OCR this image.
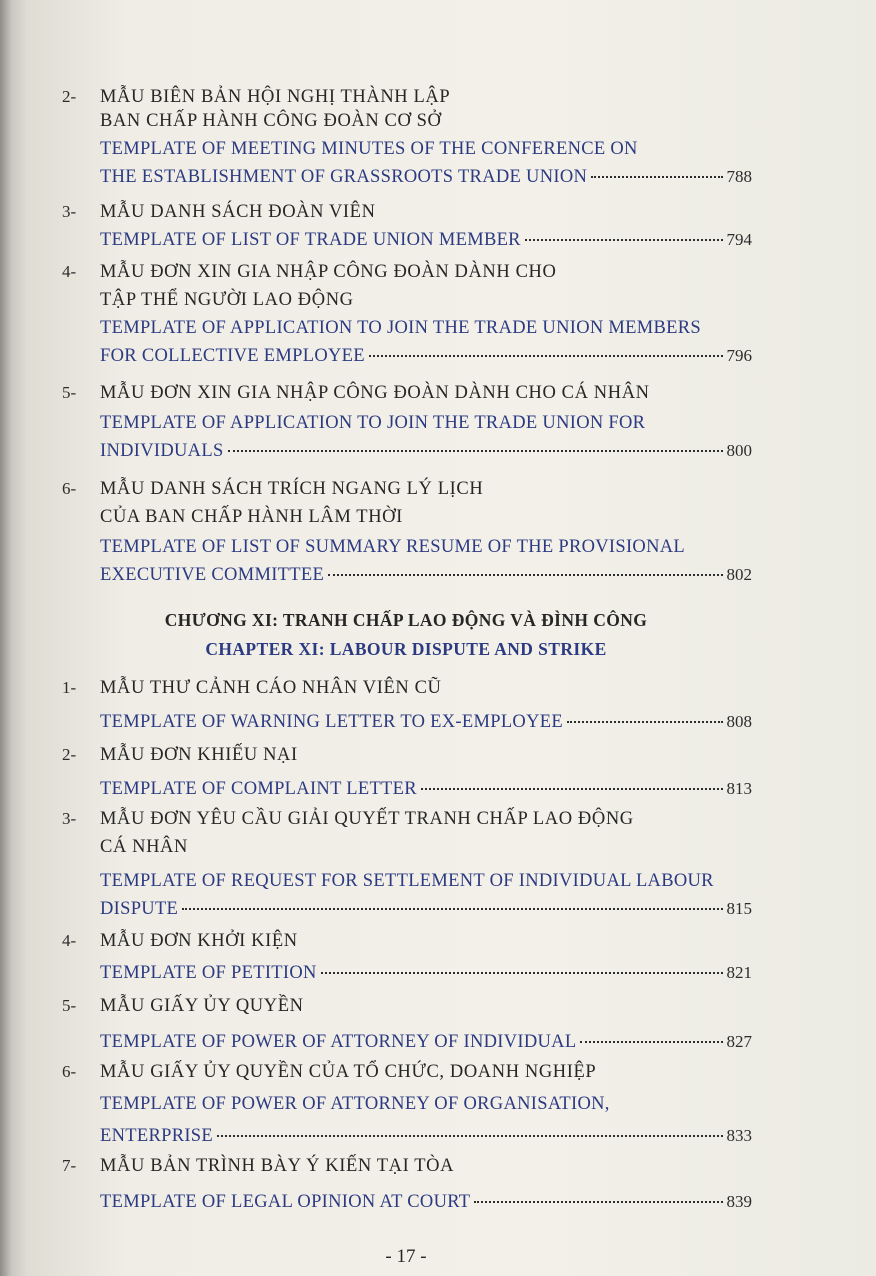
2- MẪU BIÊN BẢN HỘI NGHỊ THÀNH LẬP
BAN CHẤP HÀNH CÔNG ĐOÀN CƠ SỞ
TEMPLATE OF MEETING MINUTES OF THE CONFERENCE ON
THE ESTABLISHMENT OF GRASSROOTS TRADE UNION	788
3- MẪU DANH SÁCH ĐOÀN VIÊN
TEMPLATE OF LIST OF TRADE UNION MEMBER	794
4- MẪU ĐƠN XIN GIA NHẬP CÔNG ĐOÀN DÀNH CHO
TẬP THỂ NGƯỜI LAO ĐỘNG
TEMPLATE OF APPLICATION TO JOIN THE TRADE UNION MEMBERS
FOR COLLECTIVE EMPLOYEE	796
5- MẪU ĐƠN XIN GIA NHẬP CÔNG ĐOÀN DÀNH CHO CÁ NHÂN
TEMPLATE OF APPLICATION TO JOIN THE TRADE UNION FOR
INDIVIDUALS	800
6- MẪU DANH SÁCH TRÍCH NGANG LÝ LỊCH
CỦA BAN CHẤP HÀNH LÂM THỜI
TEMPLATE OF LIST OF SUMMARY RESUME OF THE PROVISIONAL
EXECUTIVE COMMITTEE	802
CHƯƠNG XI: TRANH CHẤP LAO ĐỘNG VÀ ĐÌNH CÔNG
CHAPTER XI: LABOUR DISPUTE AND STRIKE
1- MẪU THƯ CẢNH CÁO NHÂN VIÊN CŨ
TEMPLATE OF WARNING LETTER TO EX-EMPLOYEE	808
2- MẪU ĐƠN KHIẾU NẠI
TEMPLATE OF COMPLAINT LETTER	813
3- MẪU ĐƠN YÊU CẦU GIẢI QUYẾT TRANH CHẤP LAO ĐỘNG
CÁ NHÂN
TEMPLATE OF REQUEST FOR SETTLEMENT OF INDIVIDUAL LABOUR
DISPUTE	815
4- MẪU ĐƠN KHỞI KIỆN
TEMPLATE OF PETITION	821
5- MẪU GIẤY ỦY QUYỀN
TEMPLATE OF POWER OF ATTORNEY OF INDIVIDUAL	827
6- MẪU GIẤY ỦY QUYỀN CỦA TỔ CHỨC, DOANH NGHIỆP
TEMPLATE OF POWER OF ATTORNEY OF ORGANISATION,
ENTERPRISE	833
7- MẪU BẢN TRÌNH BÀY Ý KIẾN TẠI TÒA
TEMPLATE OF LEGAL OPINION AT COURT	839
- 17 -
